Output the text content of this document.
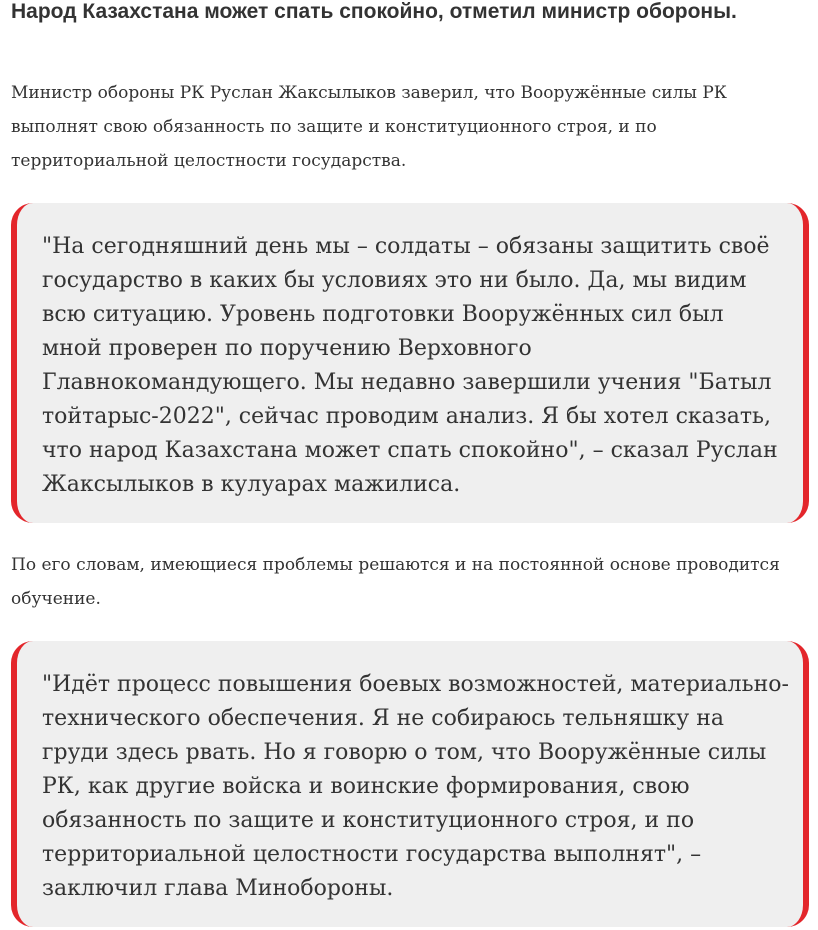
Народ Казахстана может спать спокойно, отметил министр обороны.

Министр обороны РК Руслан Жаксылыков заверил, что Вооружённые силы РК выполнят свою обязанность по защите и конституционного строя, и по территориальной целостности государства.

"На сегодняшний день мы – солдаты – обязаны защитить своё государство в каких бы условиях это ни было. Да, мы видим всю ситуацию. Уровень подготовки Вооружённых сил был мной проверен по поручению Верховного Главнокомандующего. Мы недавно завершили учения "Батыл тойтарыс-2022", сейчас проводим анализ. Я бы хотел сказать, что народ Казахстана может спать спокойно", – сказал Руслан Жаксылыков в кулуарах мажилиса.

По его словам, имеющиеся проблемы решаются и на постоянной основе проводится обучение.

"Идёт процесс повышения боевых возможностей, материально-технического обеспечения. Я не собираюсь тельняшку на груди здесь рвать. Но я говорю о том, что Вооружённые силы РК, как другие войска и воинские формирования, свою обязанность по защите и конституционного строя, и по территориальной целостности государства выполнят", – заключил глава Минобороны.
